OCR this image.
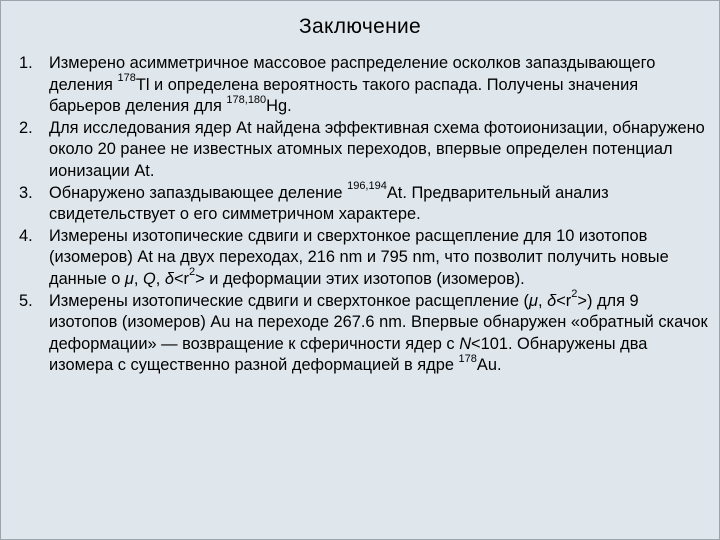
Заключение
1. Измерено асимметричное массовое распределение осколков запаздывающего деления $^{178}$Tl и определена вероятность такого распада. Получены значения барьеров деления для $^{178,180}$Hg.
2. Для исследования ядер At найдена эффективная схема фотоионизации, обнаружено около 20 ранее не известных атомных переходов, впервые определен потенциал ионизации At.
3. Обнаружено запаздывающее деление $^{196,194}$At. Предварительный анализ свидетельствует о его симметричном характере.
4. Измерены изотопические сдвиги и сверхтонкое расщепление для 10 изотопов (изомеров) At на двух переходах, 216 nm и 795 nm, что позволит получить новые данные о μ, Q, $\delta<r^2> и$ деформации этих изотопов (изомеров).
5. Измерены изотопические сдвиги и сверхтонкое расщепление (μ, $\delta<r^2>$) для 9 изотопов (изомеров) Au на переходе 267.6 nm. Впервые обнаружен «обратный скачок деформации» — возвращение к сферичности ядер с N<101. Обнаружены два изомера с существенно разной деформацией в ядре $^{178}$Au.
